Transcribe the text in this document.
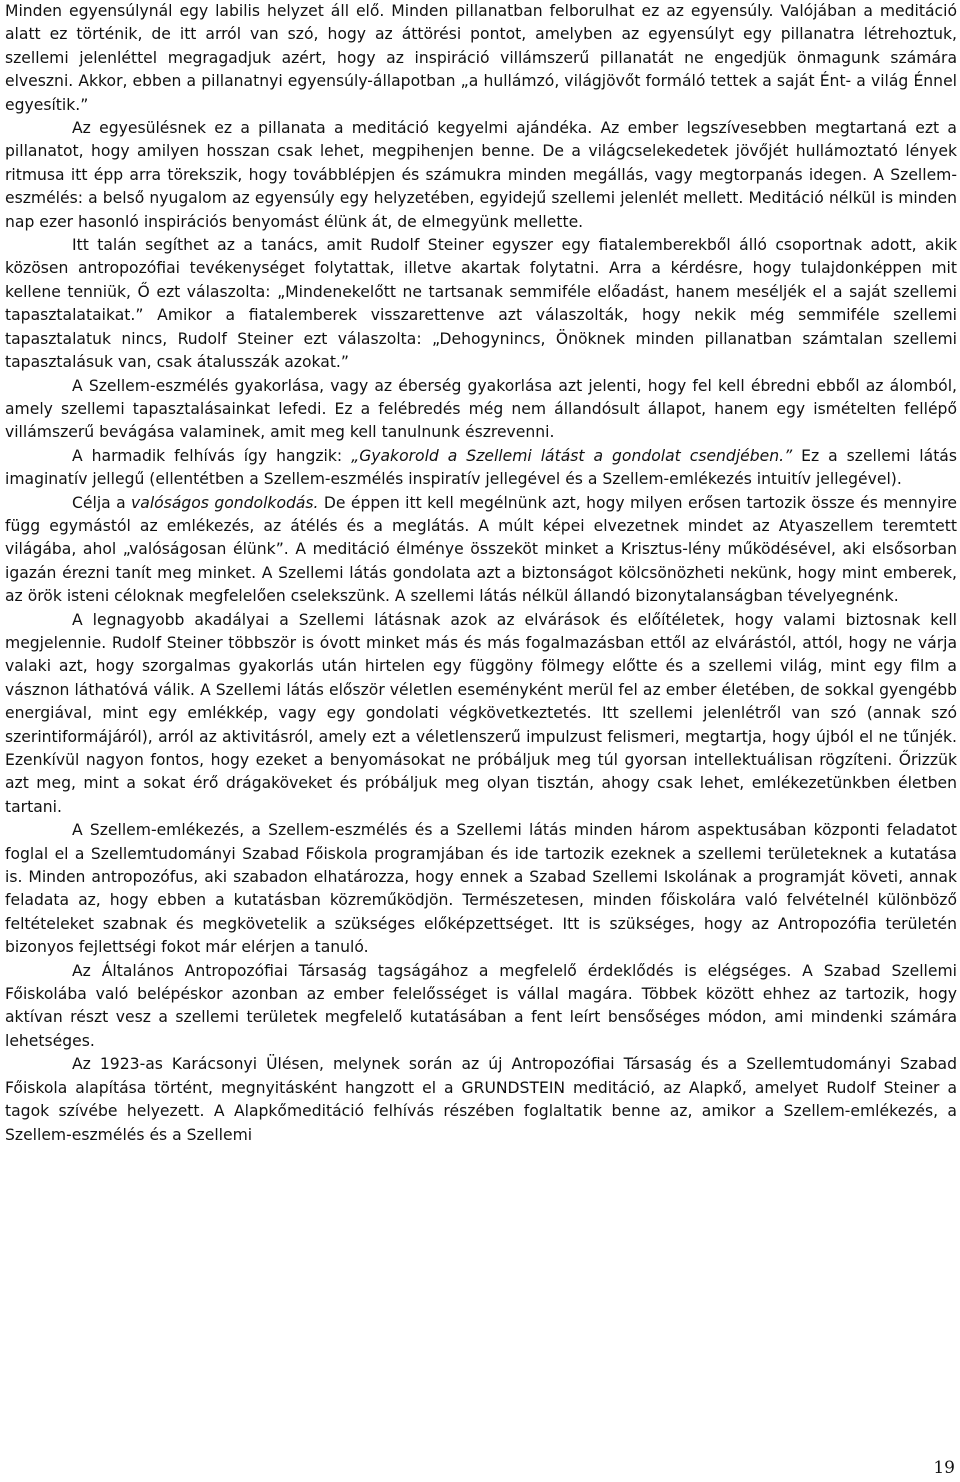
Minden egyensúlynál egy labilis helyzet áll elő. Minden pillanatban felborulhat ez az egyensúly. Valójában a meditáció alatt ez történik, de itt arról van szó, hogy az áttörési pontot, amelyben az egyensúlyt egy pillanatra létrehoztuk, szellemi jelenléttel megragadjuk azért, hogy az inspiráció villámszerű pillanatát ne engedjük önmagunk számára elveszni. Akkor, ebben a pillanatnyi egyensúly-állapotban „a hullámzó, világjövőt formáló tettek a saját Ént- a világ Énnel egyesítik.”

Az egyesülésnek ez a pillanata a meditáció kegyelmi ajándéka. Az ember legszívesebben megtartaná ezt a pillanatot, hogy amilyen hosszan csak lehet, megpihenjen benne. De a világcselekedetek jövőjét hullámoztató lények ritmusa itt épp arra törekszik, hogy továbblépjen és számukra minden megállás, vagy megtorpanás idegen. A Szellem-eszmélés: a belső nyugalom az egyensúly egy helyzetében, egyidejű szellemi jelenlét mellett. Meditáció nélkül is minden nap ezer hasonló inspirációs benyomást élünk át, de elmegyünk mellette.

Itt talán segíthet az a tanács, amit Rudolf Steiner egyszer egy fiatalemberekből álló csoportnak adott, akik közösen antropozófiai tevékenységet folytattak, illetve akartak folytatni. Arra a kérdésre, hogy tulajdonképpen mit kellene tenniük, Ő ezt válaszolta: „Mindenekelőtt ne tartsanak semmiféle előadást, hanem meséljék el a saját szellemi tapasztalataikat.” Amikor a fiatalemberek visszarettenve azt válaszolták, hogy nekik még semmiféle szellemi tapasztalatuk nincs, Rudolf Steiner ezt válaszolta: „Dehogynincs, Önöknek minden pillanatban számtalan szellemi tapasztalásuk van, csak átalusszák azokat.”

A Szellem-eszmélés gyakorlása, vagy az éberség gyakorlása azt jelenti, hogy fel kell ébredni ebből az álomból, amely szellemi tapasztalásainkat lefedi. Ez a felébredés még nem állandósult állapot, hanem egy ismételten fellépő villámszerű bevágása valaminek, amit meg kell tanulnunk észrevenni.

A harmadik felhívás így hangzik: „Gyakorold a Szellemi látást a gondolat csendjében.” Ez a szellemi látás imaginatív jellegű (ellentétben a Szellem-eszmélés inspiratív jellegével és a Szellem-emlékezés intuitív jellegével).

Célja a valóságos gondolkodás. De éppen itt kell megélnünk azt, hogy milyen erősen tartozik össze és mennyire függ egymástól az emlékezés, az átélés és a meglátás. A múlt képei elvezetnek mindet az Atyaszellem teremtett világába, ahol „valóságosan élünk”. A meditáció élménye összeköt minket a Krisztus-lény működésével, aki elsősorban igazán érezni tanít meg minket. A Szellemi látás gondolata azt a biztonságot kölcsönözheti nekünk, hogy mint emberek, az örök isteni céloknak megfelelően cselekszünk. A szellemi látás nélkül állandó bizonytalanságban tévelyegnénk.

A legnagyobb akadályai a Szellemi látásnak azok az elvárások és előítéletek, hogy valami biztosnak kell megjelennie. Rudolf Steiner többször is óvott minket más és más fogalmazásban ettől az elvárástól, attól, hogy ne várja valaki azt, hogy szorgalmas gyakorlás után hirtelen egy függöny fölmegy előtte és a szellemi világ, mint egy film a vásznon láthatóvá válik. A Szellemi látás először véletlen eseményként merül fel az ember életében, de sokkal gyengébb energiával, mint egy emlékkép, vagy egy gondolati végkövetkeztetés. Itt szellemi jelenlétről van szó (annak szó szerintiformájáról), arról az aktivitásról, amely ezt a véletlenszerű impulzust felismeri, megtartja, hogy újból el ne tűnjék. Ezenkívül nagyon fontos, hogy ezeket a benyomásokat ne próbáljuk meg túl gyorsan intellektuálisan rögzíteni. Őrizzük azt meg, mint a sokat érő drágaköveket és próbáljuk meg olyan tisztán, ahogy csak lehet, emlékezetünkben életben tartani.

A Szellem-emlékezés, a Szellem-eszmélés és a Szellemi látás minden három aspektusában központi feladatot foglal el a Szellemtudományi Szabad Főiskola programjában és ide tartozik ezeknek a szellemi területeknek a kutatása is. Minden antropozófus, aki szabadon elhatározza, hogy ennek a Szabad Szellemi Iskolának a programját követi, annak feladata az, hogy ebben a kutatásban közreműködjön. Természetesen, minden főiskolára való felvételnél különböző feltételeket szabnak és megkövetelik a szükséges előképzettséget. Itt is szükséges, hogy az Antropozófia területén bizonyos fejlettségi fokot már elérjen a tanuló.

Az Általános Antropozófiai Társaság tagságához a megfelelő érdeklődés is elégséges. A Szabad Szellemi Főiskolába való belépéskor azonban az ember felelősséget is vállal magára. Többek között ehhez az tartozik, hogy aktívan részt vesz a szellemi területek megfelelő kutatásában a fent leírt bensőséges módon, ami mindenki számára lehetséges.

Az 1923-as Karácsonyi Ülésen, melynek során az új Antropozófiai Társaság és a Szellemtudományi Szabad Főiskola alapítása történt, megnyitásként hangzott el a GRUNDSTEIN meditáció, az Alapkő, amelyet Rudolf Steiner a tagok szívébe helyezett. A Alapkőmeditáció felhívás részében foglaltatik benne az, amikor a Szellem-emlékezés, a Szellem-eszmélés és a Szellemi

19
